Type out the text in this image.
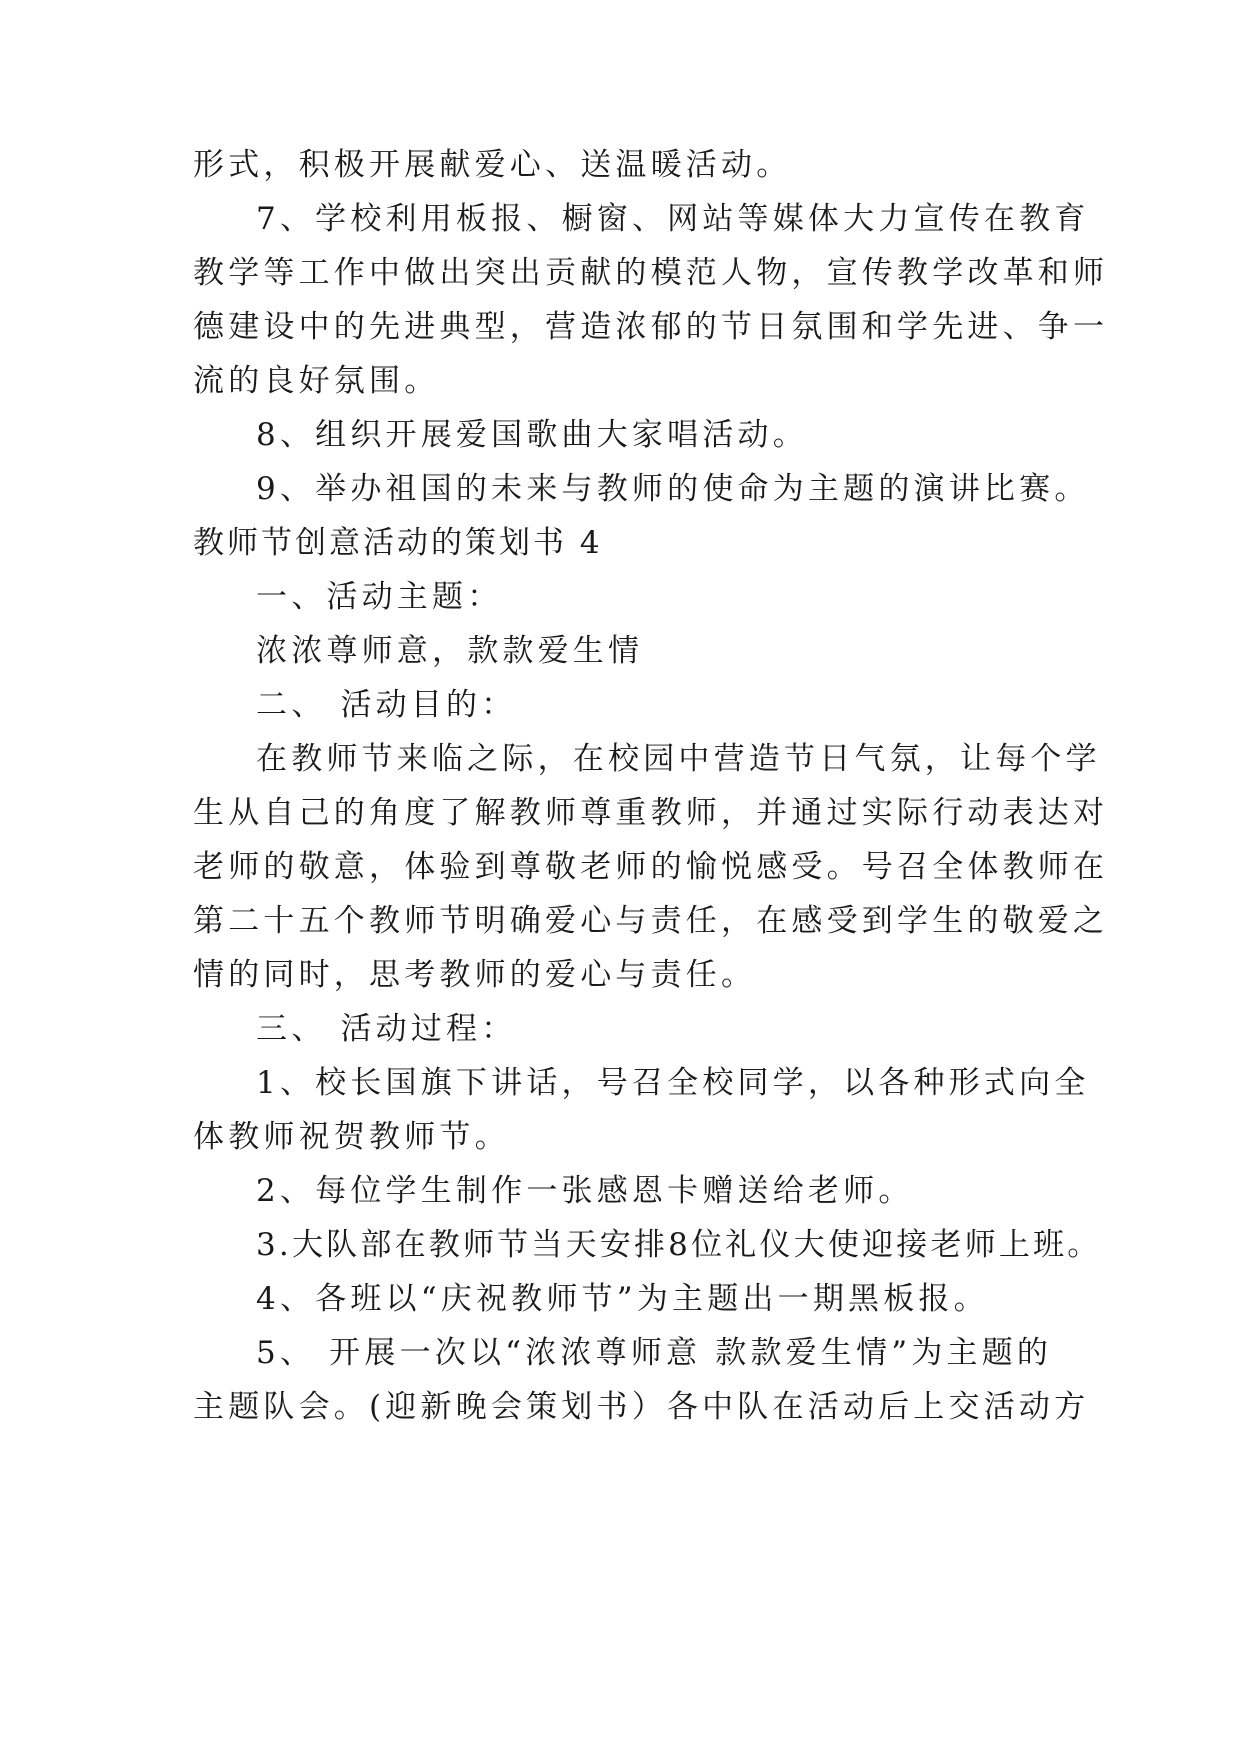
形式，积极开展献爱心、送温暖活动。
7、学校利用板报、橱窗、网站等媒体大力宣传在教育
教学等工作中做出突出贡献的模范人物，宣传教学改革和师
德建设中的先进典型，营造浓郁的节日氛围和学先进、争一
流的良好氛围。
8、组织开展爱国歌曲大家唱活动。
9、举办祖国的未来与教师的使命为主题的演讲比赛。
教师节创意活动的策划书 4
一、活动主题：
浓浓尊师意，款款爱生情
二、 活动目的：
在教师节来临之际，在校园中营造节日气氛，让每个学
生从自己的角度了解教师尊重教师，并通过实际行动表达对
老师的敬意，体验到尊敬老师的愉悦感受。号召全体教师在
第二十五个教师节明确爱心与责任，在感受到学生的敬爱之
情的同时，思考教师的爱心与责任。
三、 活动过程：
1、校长国旗下讲话，号召全校同学，以各种形式向全
体教师祝贺教师节。
2、每位学生制作一张感恩卡赠送给老师。
3.大队部在教师节当天安排8位礼仪大使迎接老师上班。
4、各班以“庆祝教师节”为主题出一期黑板报。
5、 开展一次以“浓浓尊师意 款款爱生情”为主题的
主题队会。(迎新晚会策划书）各中队在活动后上交活动方
